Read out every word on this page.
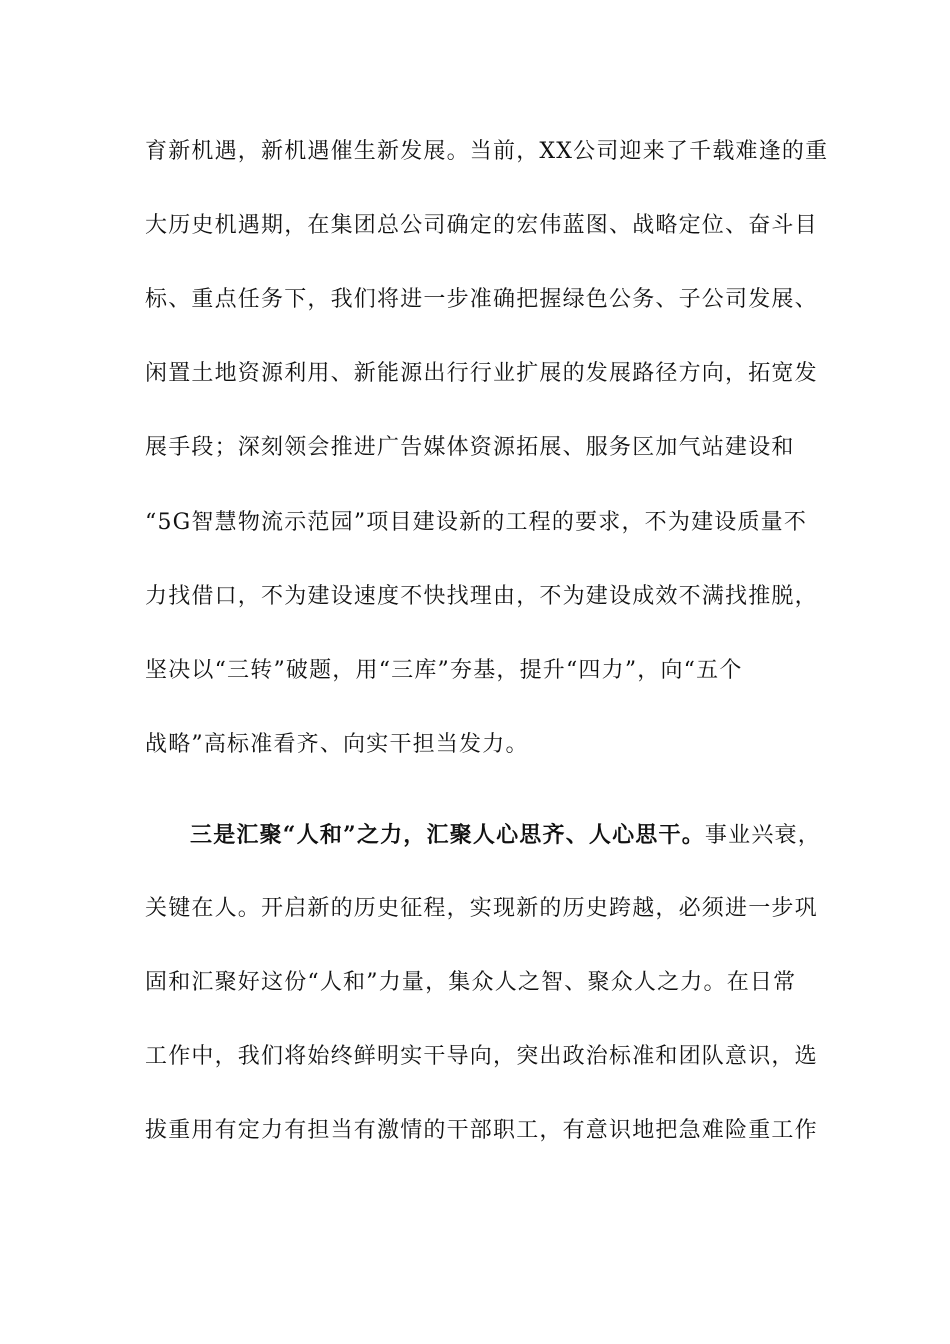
育新机遇，新机遇催生新发展。当前，XX公司迎来了千载难逢的重
大历史机遇期，在集团总公司确定的宏伟蓝图、战略定位、奋斗目
标、重点任务下，我们将进一步准确把握绿色公务、子公司发展、
闲置土地资源利用、新能源出行行业扩展的发展路径方向，拓宽发
展手段；深刻领会推进广告媒体资源拓展、服务区加气站建设和
“5G智慧物流示范园”项目建设新的工程的要求，不为建设质量不
力找借口，不为建设速度不快找理由，不为建设成效不满找推脱，
坚决以“三转”破题，用“三库”夯基，提升“四力”，向“五个
战略”高标准看齐、向实干担当发力。
三是汇聚“人和”之力，汇聚人心思齐、人心思干。事业兴衰，
关键在人。开启新的历史征程，实现新的历史跨越，必须进一步巩
固和汇聚好这份“人和”力量，集众人之智、聚众人之力。在日常
工作中，我们将始终鲜明实干导向，突出政治标准和团队意识，选
拔重用有定力有担当有激情的干部职工，有意识地把急难险重工作
